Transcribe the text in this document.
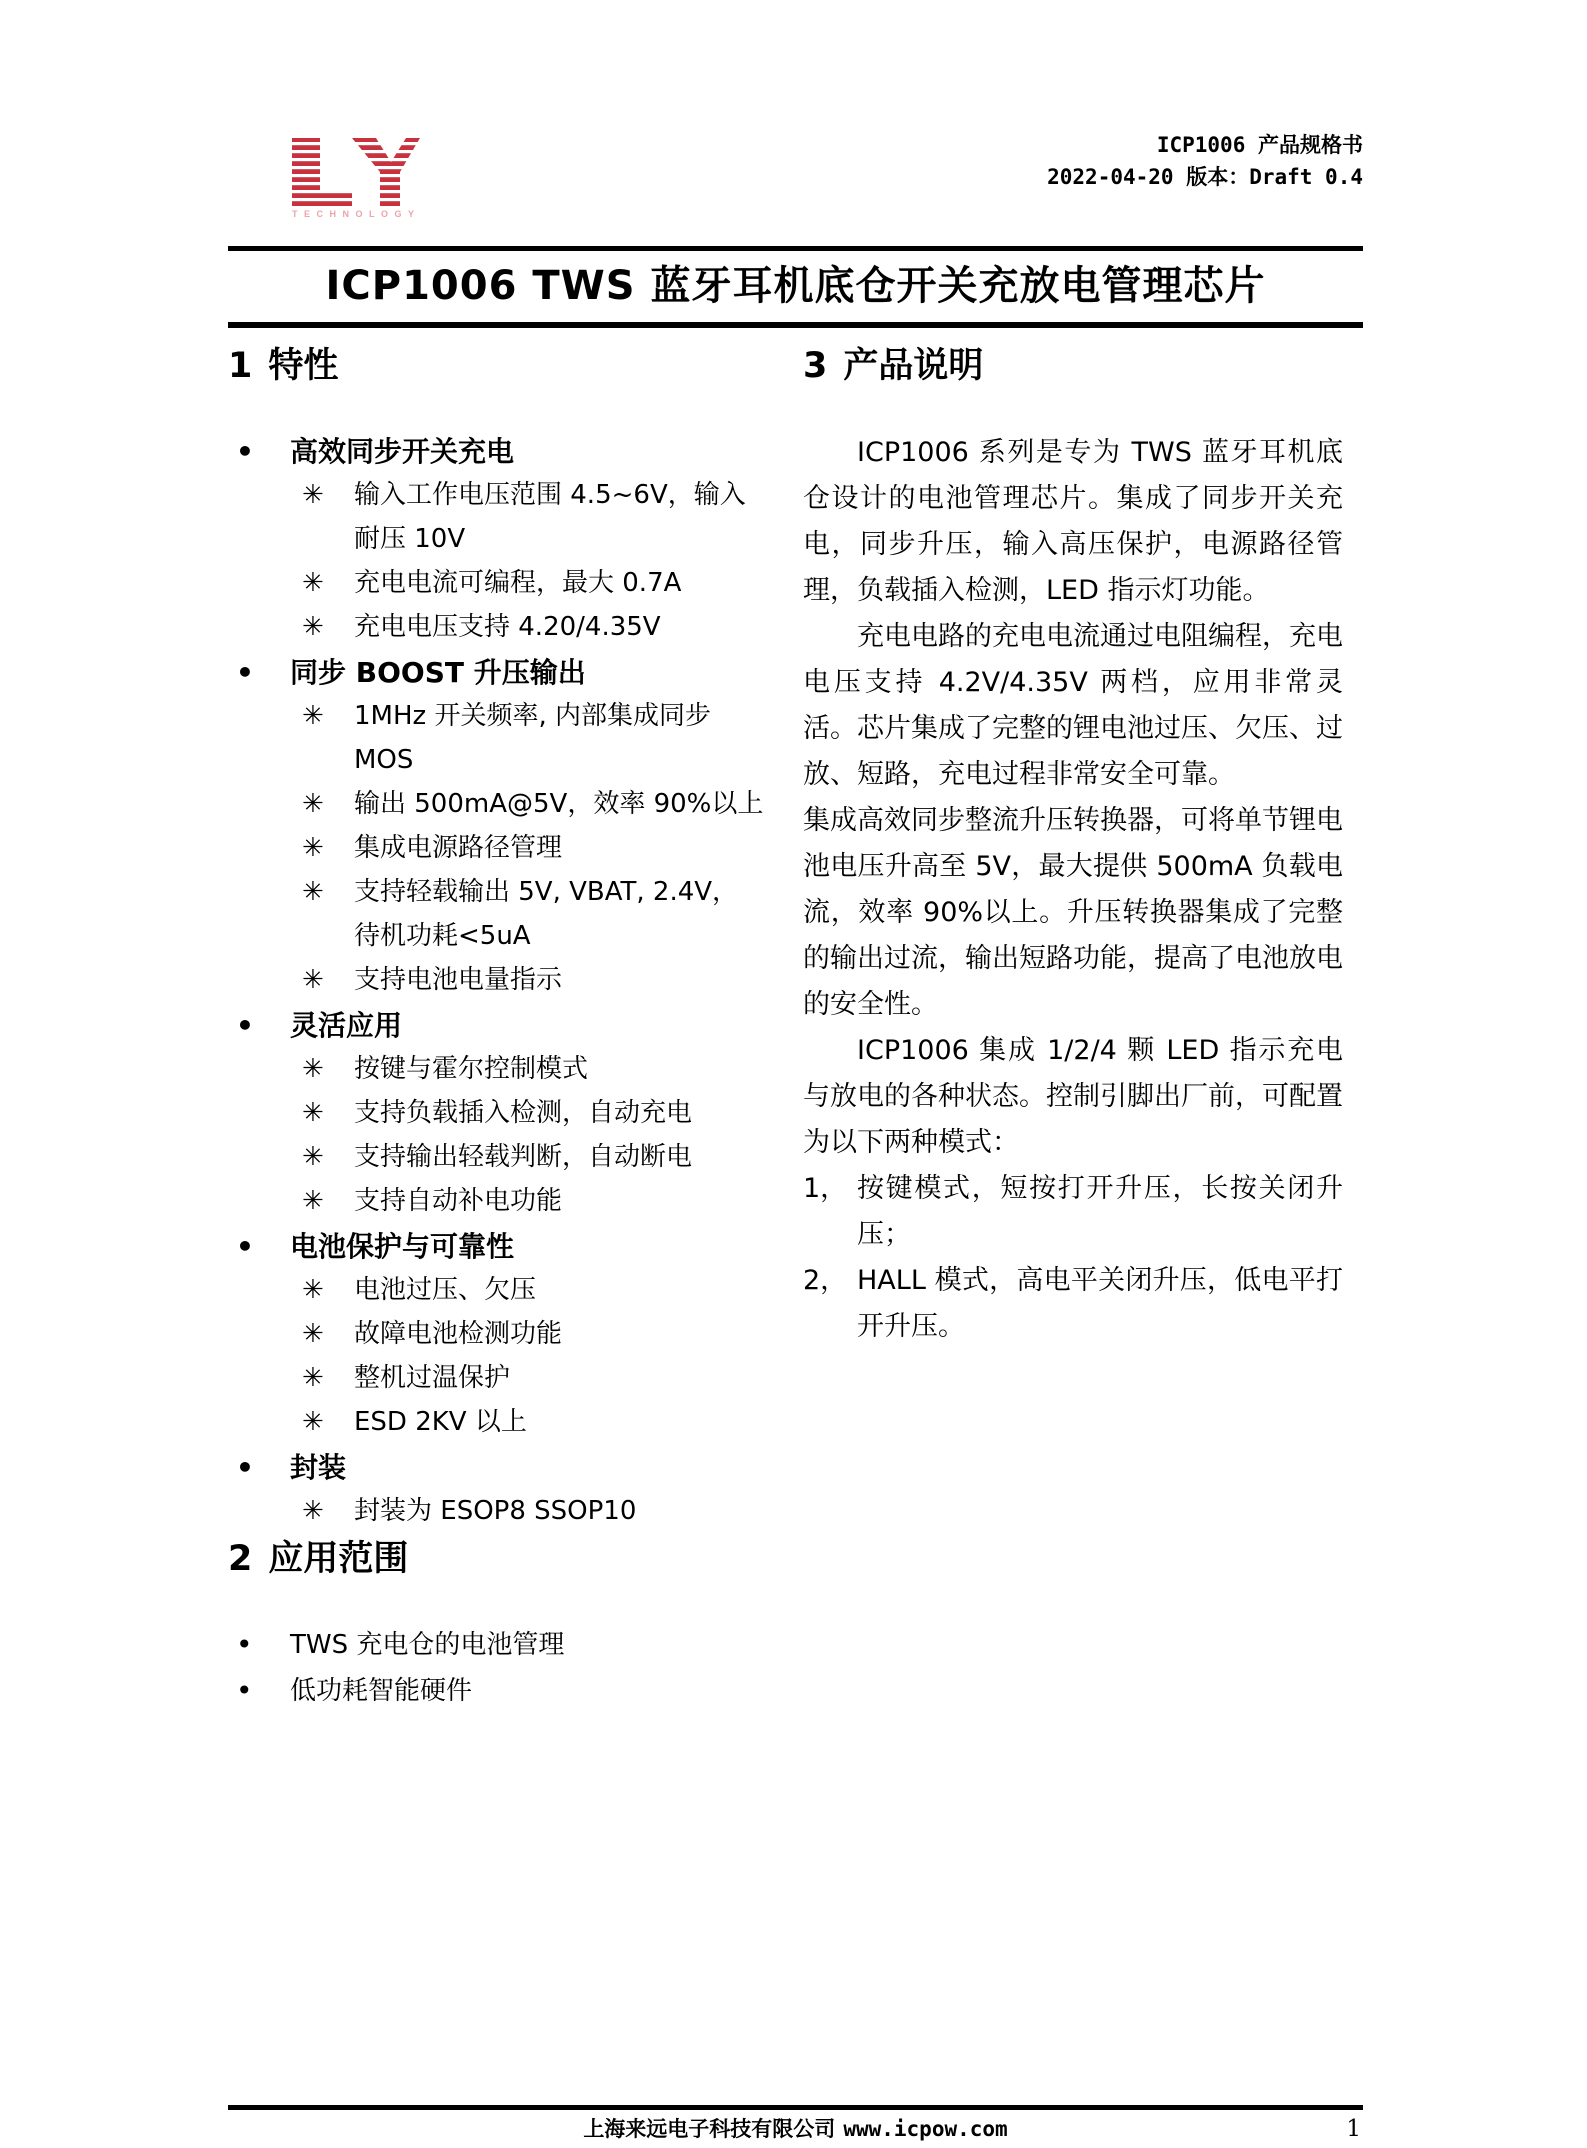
TECHNOLOGY
ICP1006 产品规格书
2022-04-20 版本：Draft 0.4
ICP1006 TWS 蓝牙耳机底仓开关充放电管理芯片
1 特性
• 高效同步开关充电
✳ 输入工作电压范围 4.5~6V，输入耐压 10V
✳ 充电电流可编程，最大 0.7A
✳ 充电电压支持 4.20/4.35V
• 同步 BOOST 升压输出
✳ 1MHz 开关频率, 内部集成同步 MOS
✳ 输出 500mA@5V，效率 90%以上
✳ 集成电源路径管理
✳ 支持轻载输出 5V, VBAT, 2.4V， 待机功耗<5uA
✳ 支持电池电量指示
• 灵活应用
✳ 按键与霍尔控制模式
✳ 支持负载插入检测，自动充电
✳ 支持输出轻载判断，自动断电
✳ 支持自动补电功能
• 电池保护与可靠性
✳ 电池过压、欠压
✳ 故障电池检测功能
✳ 整机过温保护
✳ ESD 2KV 以上
• 封装
✳ 封装为 ESOP8 SSOP10
2 应用范围
• TWS 充电仓的电池管理
• 低功耗智能硬件
3 产品说明

ICP1006 系列是专为 TWS 蓝牙耳机底仓设计的电池管理芯片。集成了同步开关充电，同步升压，输入高压保护，电源路径管理，负载插入检测，LED 指示灯功能。

充电电路的充电电流通过电阻编程，充电电压支持 4.2V/4.35V 两档，应用非常灵活。芯片集成了完整的锂电池过压、欠压、过放、短路，充电过程非常安全可靠。

集成高效同步整流升压转换器，可将单节锂电池电压升高至 5V，最大提供 500mA 负载电流，效率 90%以上。升压转换器集成了完整的输出过流，输出短路功能，提高了电池放电的安全性。

ICP1006 集成 1/2/4 颗 LED 指示充电与放电的各种状态。控制引脚出厂前，可配置为以下两种模式：

1， 按键模式，短按打开升压，长按关闭升压；
2， HALL 模式，高电平关闭升压，低电平打开升压。
上海来远电子科技有限公司 www.icpow.com	1
